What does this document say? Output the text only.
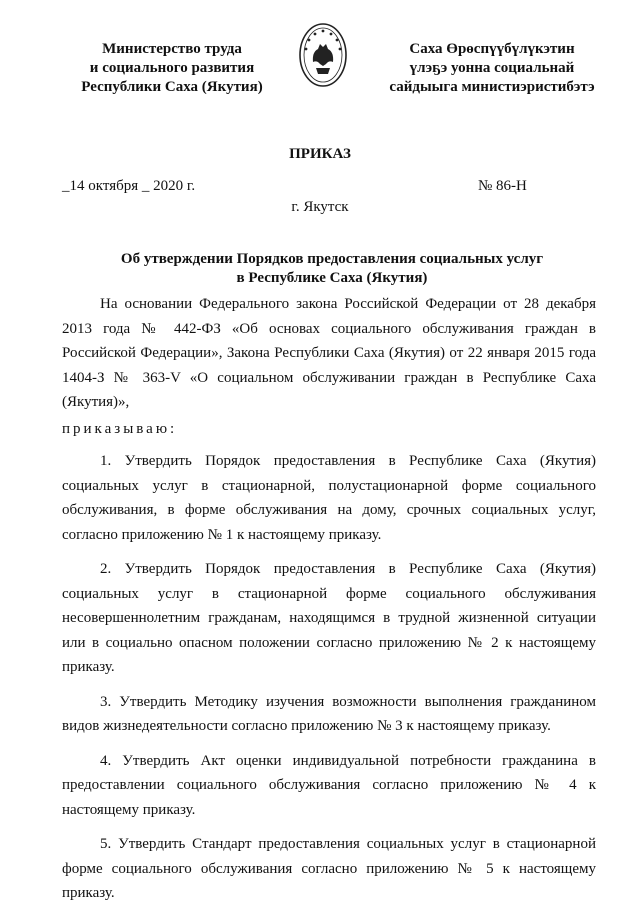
Министерство труда
и социального развития
Республики Саха (Якутия)
Саха Өрөспүүбүлүкэтин
үлэҕэ уонна социальнай
сайдыыга министиэристибэтэ
ПРИКАЗ
_14 октября _ 2020 г.	№ 86-Н
г. Якутск
Об утверждении Порядков предоставления социальных услуг
в Республике Саха (Якутия)

На основании Федерального закона Российской Федерации от 28 декабря 2013 года № 442-ФЗ «Об основах социального обслуживания граждан в Российской Федерации», Закона Республики Саха (Якутия) от 22 января 2015 года 1404-З № 363-V «О социальном обслуживании граждан в Республике Саха (Якутия)»,

приказываю:

1. Утвердить Порядок предоставления в Республике Саха (Якутия) социальных услуг в стационарной, полустационарной форме социального обслуживания, в форме обслуживания на дому, срочных социальных услуг, согласно приложению № 1 к настоящему приказу.

2. Утвердить Порядок предоставления в Республике Саха (Якутия) социальных услуг в стационарной форме социального обслуживания несовершеннолетним гражданам, находящимся в трудной жизненной ситуации или в социально опасном положении согласно приложению № 2 к настоящему приказу.

3. Утвердить Методику изучения возможности выполнения гражданином видов жизнедеятельности согласно приложению № 3 к настоящему приказу.

4. Утвердить Акт оценки индивидуальной потребности гражданина в предоставлении социального обслуживания согласно приложению № 4 к настоящему приказу.

5. Утвердить Стандарт предоставления социальных услуг в стационарной форме социального обслуживания согласно приложению № 5 к настоящему приказу.
